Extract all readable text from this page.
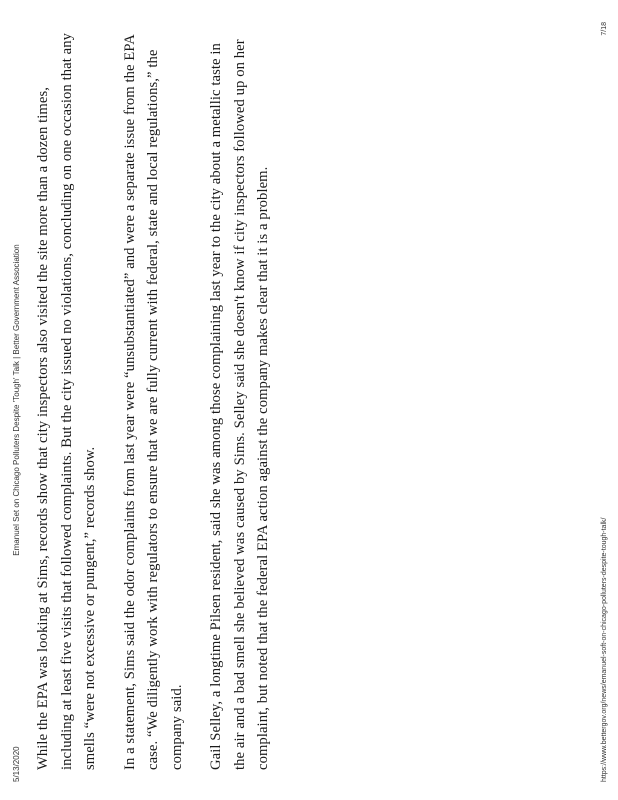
5/13/2020
Emanuel Set on Chicago Polluters Despite 'Tough' Talk | Better Government Association While the EPA was looking at Sims, records show that city inspectors also visited the site more than a dozen times, including at least five visits that followed complaints. But the city issued no violations, concluding on one occasion that any smells “were not excessive or pungent,” records show.	In a statement, Sims said the odor complaints from last year were “unsubstantiated” and were a separate issue from the EPA case. “We diligently work with regulators to ensure that we are fully current with federal, state and local regulations,” the company said.	Gail Selley, a longtime Pilsen resident, said she was among those complaining last year to the city about a metallic taste in the air and a bad smell she believed was caused by Sims. Selley said she doesn't know if city inspectors followed up on her complaint, but noted that the federal EPA action against the company makes clear that it is a problem.	https://www.bettergov.org/news/emanuel-soft-on-chicago-polluters-despite-tough-talk/
7/18
